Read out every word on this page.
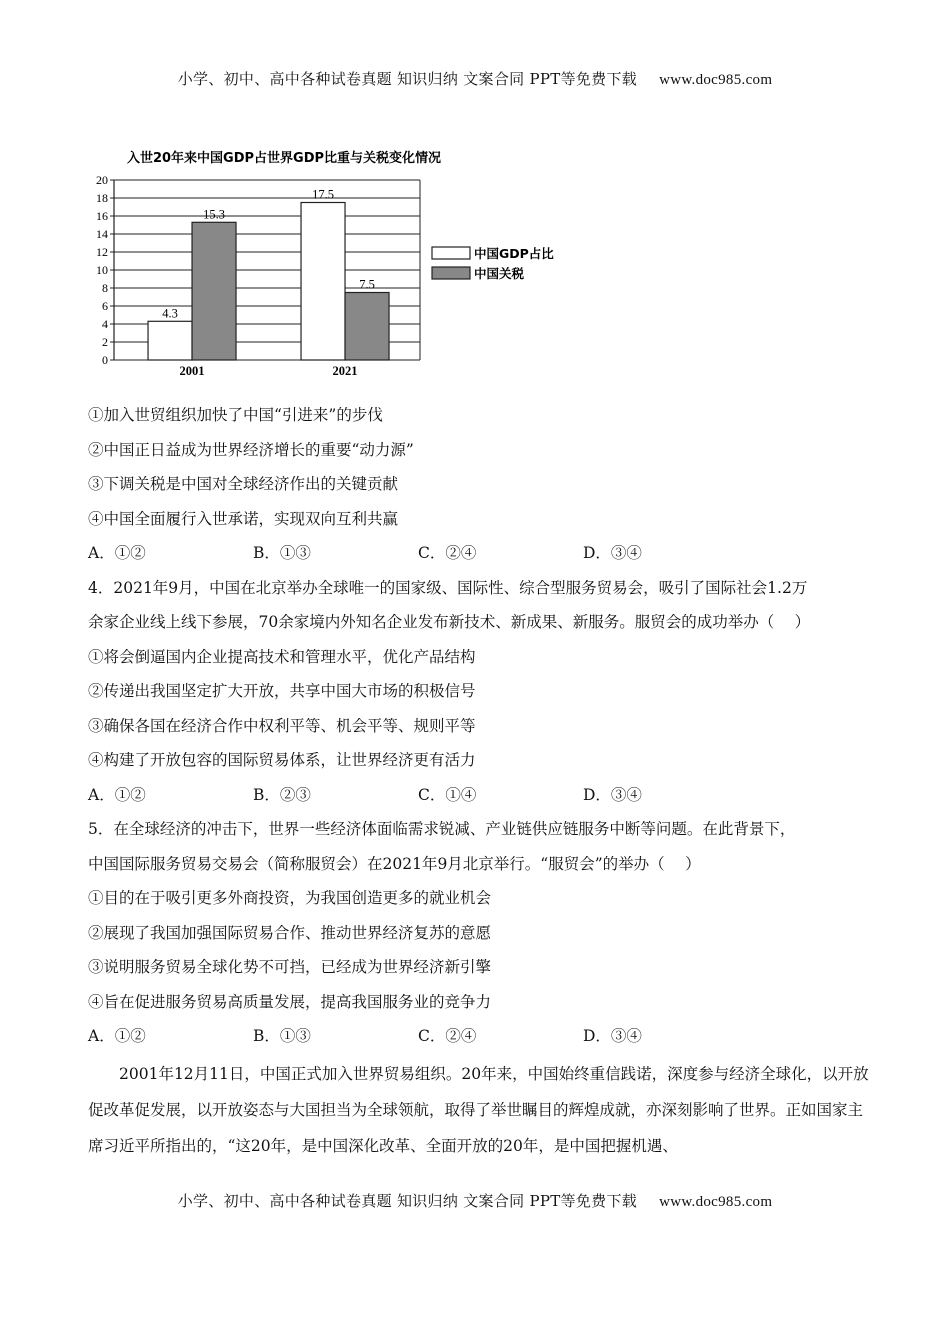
小学、初中、高中各种试卷真题 知识归纳 文案合同 PPT等免费下载 www.doc985.com
入世20年来中国GDP占世界GDP比重与关税变化情况
0
2
4
6
8
10
12
14
16
18
20
4.3
15.3
17.5
7.5
2001	2021
中国GDP占比
中国关税
①加入世贸组织加快了中国“引进来”的步伐
②中国正日益成为世界经济增长的重要“动力源”
③下调关税是中国对全球经济作出的关键贡献
④中国全面履行入世承诺，实现双向互利共赢
A．①②	B．①③	C．②④	D．③④
4．2021年9月，中国在北京举办全球唯一的国家级、国际性、综合型服务贸易会，吸引了国际社会1.2万
余家企业线上线下参展，70余家境内外知名企业发布新技术、新成果、新服务。服贸会的成功举办（　 ）
①将会倒逼国内企业提高技术和管理水平，优化产品结构
②传递出我国坚定扩大开放，共享中国大市场的积极信号
③确保各国在经济合作中权利平等、机会平等、规则平等
④构建了开放包容的国际贸易体系，让世界经济更有活力
A．①②	B．②③	C．①④	D．③④
5．在全球经济的冲击下，世界一些经济体面临需求锐减、产业链供应链服务中断等问题。在此背景下，
中国国际服务贸易交易会（简称服贸会）在2021年9月北京举行。“服贸会”的举办（　 ）
①目的在于吸引更多外商投资，为我国创造更多的就业机会
②展现了我国加强国际贸易合作、推动世界经济复苏的意愿
③说明服务贸易全球化势不可挡，已经成为世界经济新引擎
④旨在促进服务贸易高质量发展，提高我国服务业的竞争力
A．①②	B．①③	C．②④	D．③④
2001年12月11日，中国正式加入世界贸易组织。20年来，中国始终重信践诺，深度参与经济全球化，以开放促改革促发展，以开放姿态与大国担当为全球领航，取得了举世瞩目的辉煌成就，亦深刻影响了世界。正如国家主席习近平所指出的，“这20年，是中国深化改革、全面开放的20年，是中国把握机遇、
小学、初中、高中各种试卷真题 知识归纳 文案合同 PPT等免费下载 www.doc985.com
